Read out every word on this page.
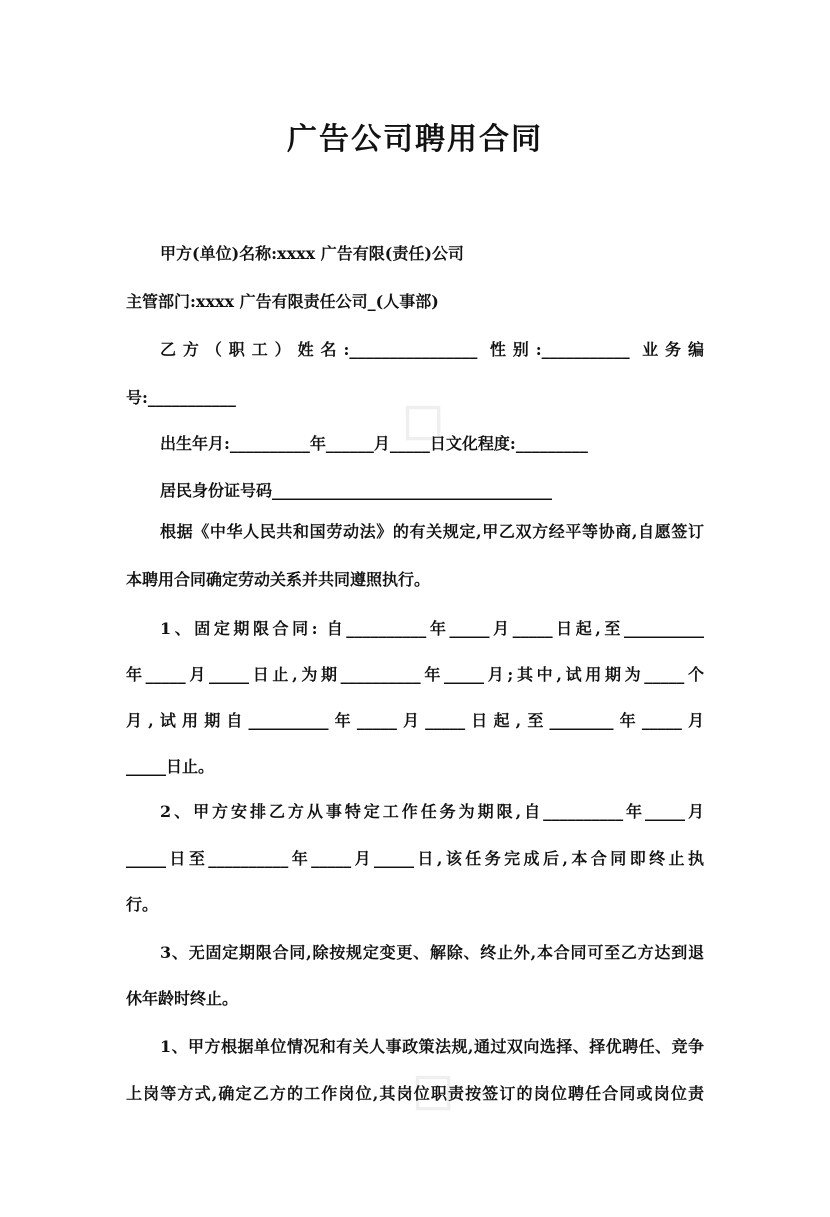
◇
◇
广告公司聘用合同
甲方(单位)名称:xxxx 广告有限(责任)公司
主管部门:xxxx 广告有限责任公司_(人事部)
乙方（职工）姓名:________________ 性别:___________ 业务编
号:___________
出生年月:__________年______月_____日文化程度:_________
居民身份证号码___________________________________
根据《中华人民共和国劳动法》的有关规定,甲乙双方经平等协商,自愿签订
本聘用合同确定劳动关系并共同遵照执行。
1、固定期限合同: 自__________年_____月_____日起,至__________
年_____月_____日止,为期__________年_____月;其中,试用期为_____个
月,试用期自__________年_____月_____日起,至________年_____月
_____日止。
2、甲方安排乙方从事特定工作任务为期限,自__________年_____月
_____日至__________年_____月_____日,该任务完成后,本合同即终止执
行。
3、无固定期限合同,除按规定变更、解除、终止外,本合同可至乙方达到退
休年龄时终止。
1、甲方根据单位情况和有关人事政策法规,通过双向选择、择优聘任、竞争
上岗等方式,确定乙方的工作岗位,其岗位职责按签订的岗位聘任合同或岗位责
